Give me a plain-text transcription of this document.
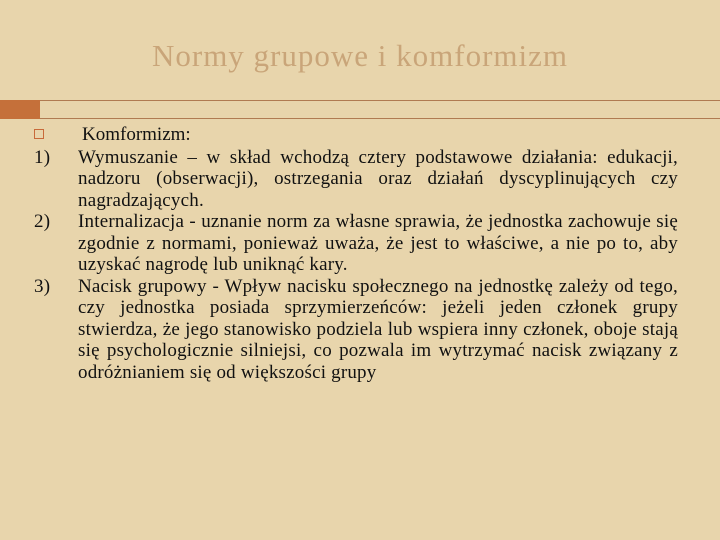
Normy grupowe i komformizm
Komformizm:
1) Wymuszanie – w skład wchodzą cztery podstawowe działania: edukacji, nadzoru (obserwacji), ostrzegania oraz działań dyscyplinujących czy nagradzających.
2) Internalizacja - uznanie norm za własne sprawia, że jednostka zachowuje się zgodnie z normami, ponieważ uważa, że jest to właściwe, a nie po to, aby uzyskać nagrodę lub uniknąć kary.
3) Nacisk grupowy - Wpływ nacisku społecznego na jednostkę zależy od tego, czy jednostka posiada sprzymierzeńców: jeżeli jeden członek grupy stwierdza, że jego stanowisko podziela lub wspiera inny członek, oboje stają się psychologicznie silniejsi, co pozwala im wytrzymać nacisk związany z odróżnianiem się od większości grupy
